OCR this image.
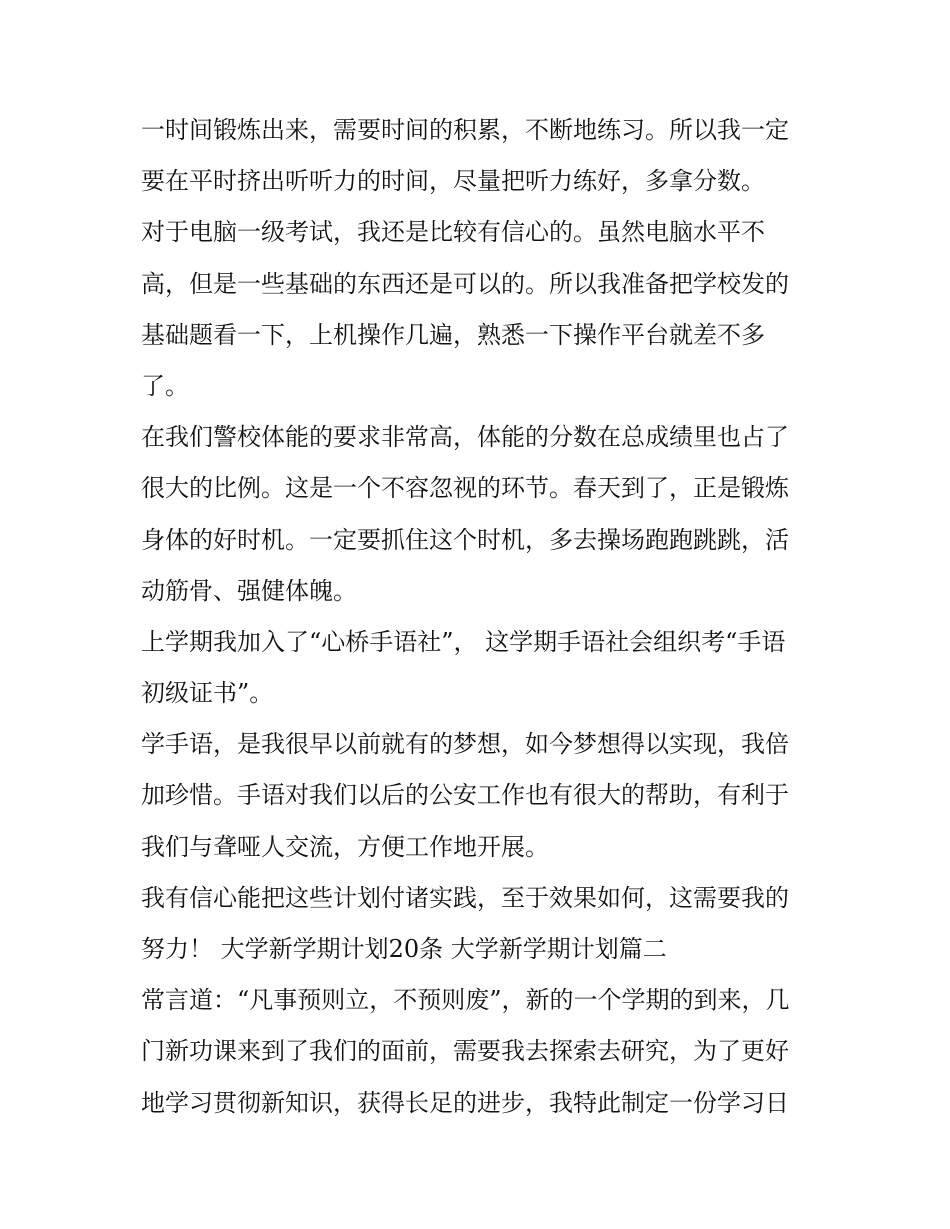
一时间锻炼出来，需要时间的积累，不断地练习。所以我一定
要在平时挤出听听力的时间，尽量把听力练好，多拿分数。
对于电脑一级考试，我还是比较有信心的。虽然电脑水平不
高，但是一些基础的东西还是可以的。所以我准备把学校发的
基础题看一下，上机操作几遍，熟悉一下操作平台就差不多
了。
在我们警校体能的要求非常高，体能的分数在总成绩里也占了
很大的比例。这是一个不容忽视的环节。春天到了，正是锻炼
身体的好时机。一定要抓住这个时机，多去操场跑跑跳跳，活
动筋骨、强健体魄。
上学期我加入了“心桥手语社”， 这学期手语社会组织考“手语
初级证书”。
学手语，是我很早以前就有的梦想，如今梦想得以实现，我倍
加珍惜。手语对我们以后的公安工作也有很大的帮助，有利于
我们与聋哑人交流，方便工作地开展。
我有信心能把这些计划付诸实践，至于效果如何，这需要我的
努力！ 大学新学期计划20条 大学新学期计划篇二
常言道：“凡事预则立，不预则废”，新的一个学期的到来，几
门新功课来到了我们的面前，需要我去探索去研究，为了更好
地学习贯彻新知识，获得长足的进步，我特此制定一份学习日
